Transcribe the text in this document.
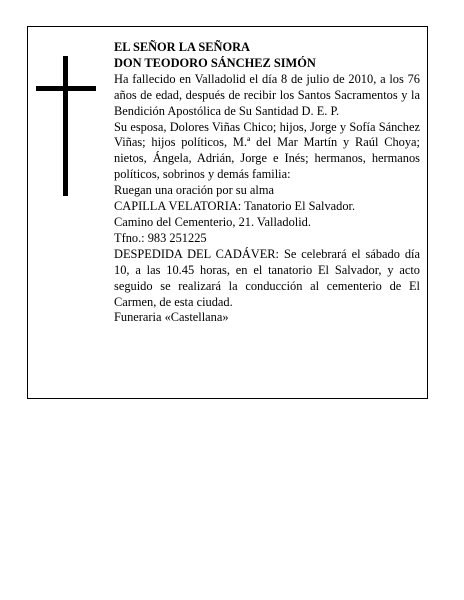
EL SEÑOR LA SEÑORA

DON TEODORO SÁNCHEZ SIMÓN

Ha fallecido en Valladolid el día 8 de julio de 2010, a los 76 años de edad, después de recibir los Santos Sacramentos y la Bendición Apostólica de Su Santidad D. E. P.

Su esposa, Dolores Viñas Chico; hijos, Jorge y Sofía Sánchez Viñas; hijos políticos, M.ª del Mar Martín y Raúl Choya; nietos, Ángela, Adrián, Jorge e Inés; hermanos, hermanos políticos, sobrinos y demás familia:

Ruegan una oración por su alma

CAPILLA VELATORIA: Tanatorio El Salvador.

Camino del Cementerio, 21. Valladolid.

Tfno.: 983 251225

DESPEDIDA DEL CADÁVER: Se celebrará el sábado día 10, a las 10.45 horas, en el tanatorio El Salvador, y acto seguido se realizará la conducción al cementerio de El Carmen, de esta ciudad.

Funeraria «Castellana»
